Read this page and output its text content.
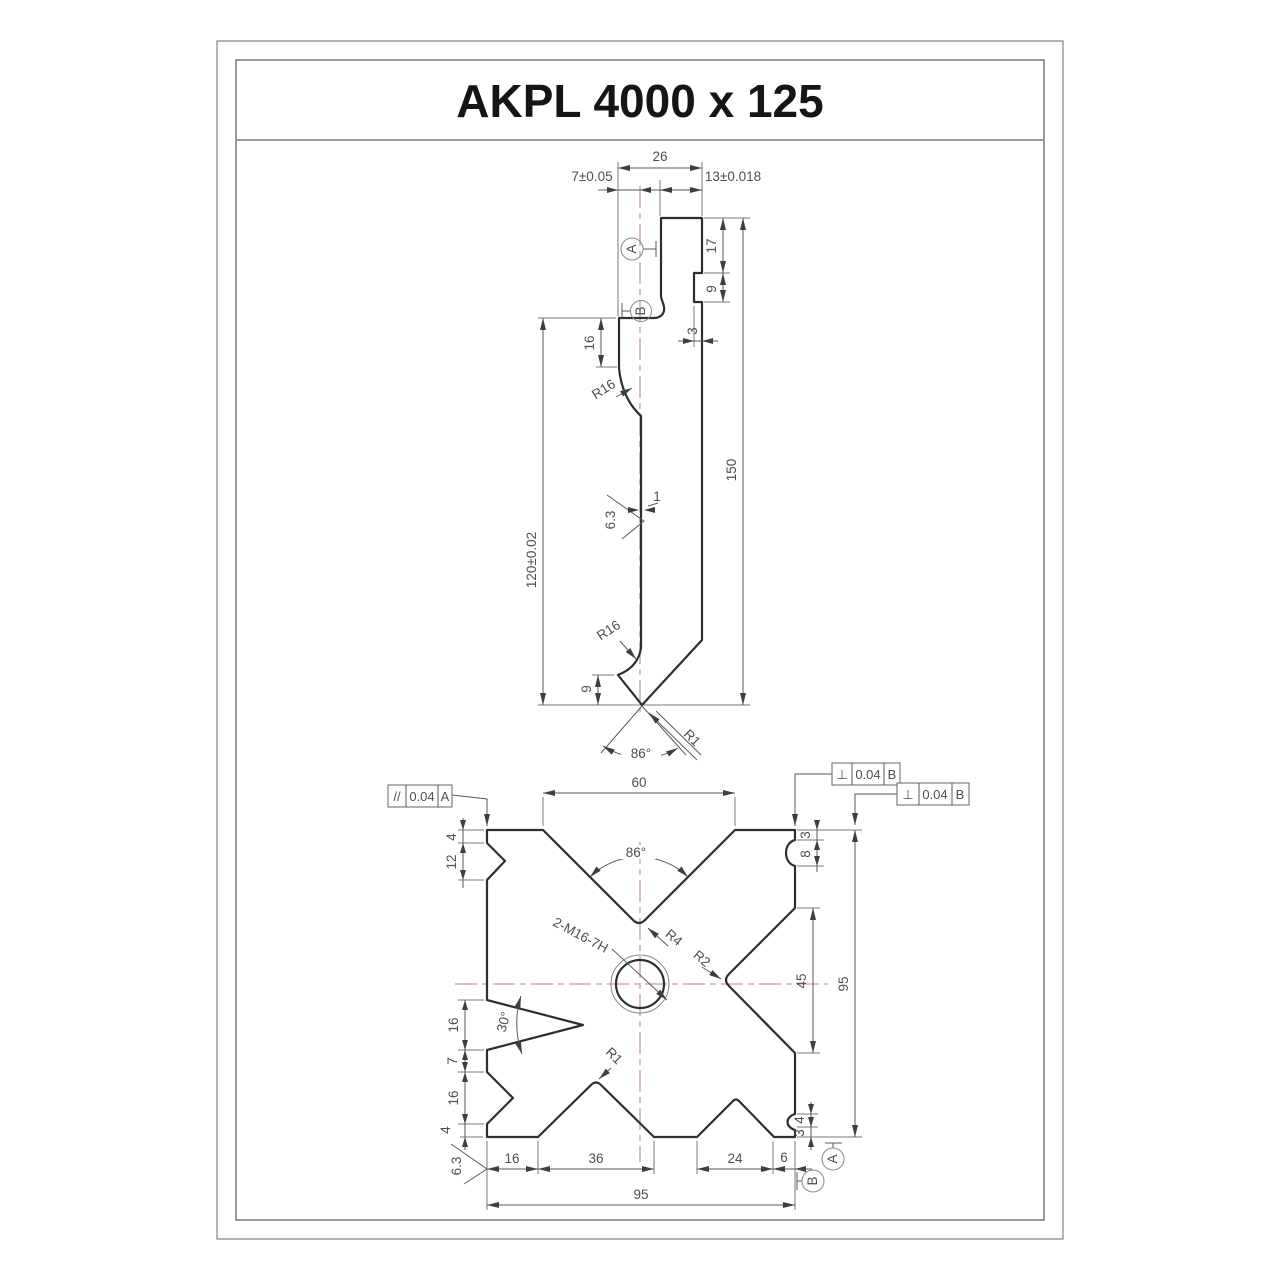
AKPL 4000 x 125
26
7±0.05	13±0.018
17
9
3
16
120±0.02
150
9
R16
R16
6.3
1
86°
R1
A
B
60
86°
R4
2-M16-7H
R2
R1
30°
4
12
3
8
45 95
4
3
16
7
16
4
16	36	24	6
95
6.3
// 0.04 A
⊥ 0.04 B
⊥ 0.04 B
A
B
